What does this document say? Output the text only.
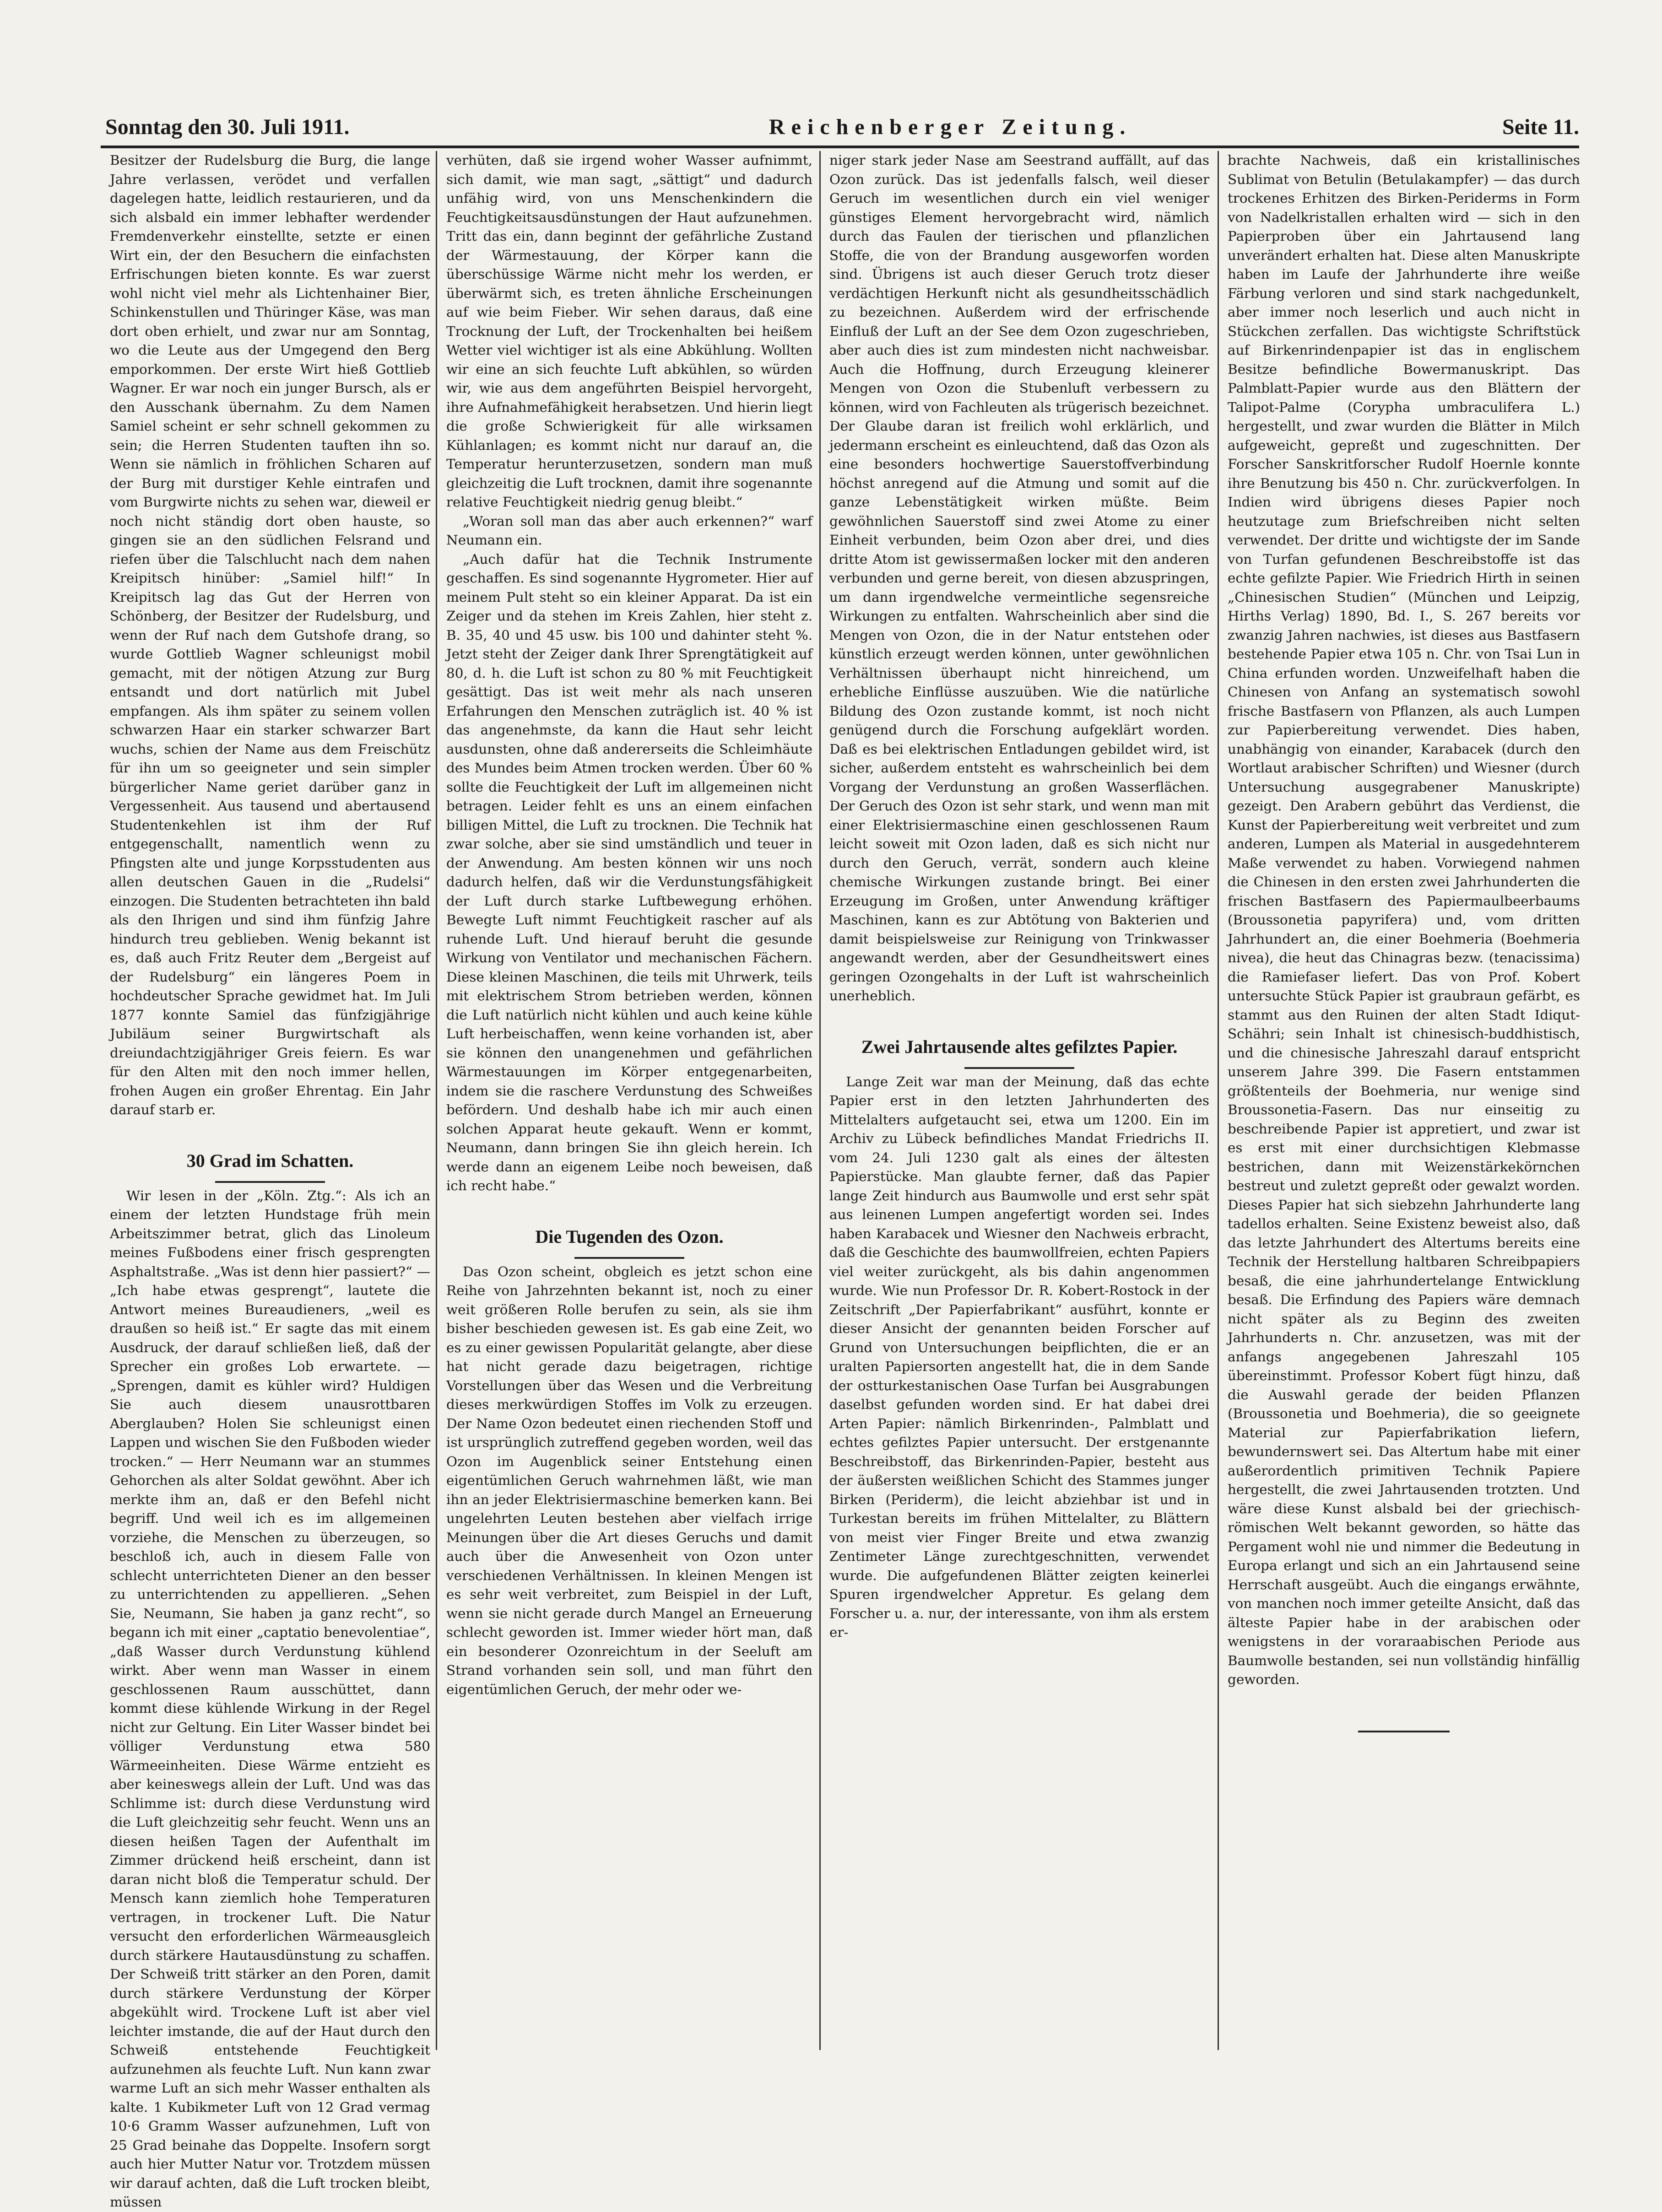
Sonntag den 30. Juli 1911.	Reichenberger Zeitung.	Seite 11.

Besitzer der Rudelsburg die Burg, die lange Jahre verlassen, verödet und verfallen dagelegen hatte, leidlich restaurieren, und da sich alsbald ein immer lebhafter werdender Fremdenverkehr einstellte, setzte er einen Wirt ein, der den Besuchern die einfachsten Erfrischungen bieten konnte. Es war zuerst wohl nicht viel mehr als Lichtenhainer Bier, Schinkenstullen und Thüringer Käse, was man dort oben erhielt, und zwar nur am Sonntag, wo die Leute aus der Umgegend den Berg emporkommen. Der erste Wirt hieß Gottlieb Wagner. Er war noch ein junger Bursch, als er den Ausschank übernahm. Zu dem Namen Samiel scheint er sehr schnell gekommen zu sein; die Herren Studenten tauften ihn so. Wenn sie nämlich in fröhlichen Scharen auf der Burg mit durstiger Kehle eintrafen und vom Burgwirte nichts zu sehen war, dieweil er noch nicht ständig dort oben hauste, so gingen sie an den südlichen Felsrand und riefen über die Talschlucht nach dem nahen Kreipitsch hinüber: „Samiel hilf!“ In Kreipitsch lag das Gut der Herren von Schönberg, der Besitzer der Rudelsburg, und wenn der Ruf nach dem Gutshofe drang, so wurde Gottlieb Wagner schleunigst mobil gemacht, mit der nötigen Atzung zur Burg entsandt und dort natürlich mit Jubel empfangen. Als ihm später zu seinem vollen schwarzen Haar ein starker schwarzer Bart wuchs, schien der Name aus dem Freischütz für ihn um so geeigneter und sein simpler bürgerlicher Name geriet darüber ganz in Vergessenheit. Aus tausend und abertausend Studentenkehlen ist ihm der Ruf entgegenschallt, namentlich wenn zu Pfingsten alte und junge Korpsstudenten aus allen deutschen Gauen in die „Rudelsi“ einzogen. Die Studenten betrachteten ihn bald als den Ihrigen und sind ihm fünfzig Jahre hindurch treu geblieben. Wenig bekannt ist es, daß auch Fritz Reuter dem „Bergeist auf der Rudelsburg“ ein längeres Poem in hochdeutscher Sprache gewidmet hat. Im Juli 1877 konnte Samiel das fünfzigjährige Jubiläum seiner Burgwirtschaft als dreiundachtzigjähriger Greis feiern. Es war für den Alten mit den noch immer hellen, frohen Augen ein großer Ehrentag. Ein Jahr darauf starb er.

30 Grad im Schatten.

Wir lesen in der „Köln. Ztg.“: Als ich an einem der letzten Hundstage früh mein Arbeitszimmer betrat, glich das Linoleum meines Fußbodens einer frisch gesprengten Asphaltstraße. „Was ist denn hier passiert?“ — „Ich habe etwas gesprengt“, lautete die Antwort meines Bureaudieners, „weil es draußen so heiß ist.“ Er sagte das mit einem Ausdruck, der darauf schließen ließ, daß der Sprecher ein großes Lob erwartete. — „Sprengen, damit es kühler wird? Huldigen Sie auch diesem unausrottbaren Aberglauben? Holen Sie schleunigst einen Lappen und wischen Sie den Fußboden wieder trocken.“ — Herr Neumann war an stummes Gehorchen als alter Soldat gewöhnt. Aber ich merkte ihm an, daß er den Befehl nicht begriff. Und weil ich es im allgemeinen vorziehe, die Menschen zu überzeugen, so beschloß ich, auch in diesem Falle von schlecht unterrichteten Diener an den besser zu unterrichtenden zu appellieren. „Sehen Sie, Neumann, Sie haben ja ganz recht“, so begann ich mit einer „captatio benevolentiae“, „daß Wasser durch Verdunstung kühlend wirkt. Aber wenn man Wasser in einem geschlossenen Raum ausschüttet, dann kommt diese kühlende Wirkung in der Regel nicht zur Geltung. Ein Liter Wasser bindet bei völliger Verdunstung etwa 580 Wärmeeinheiten. Diese Wärme entzieht es aber keineswegs allein der Luft. Und was das Schlimme ist: durch diese Verdunstung wird die Luft gleichzeitig sehr feucht. Wenn uns an diesen heißen Tagen der Aufenthalt im Zimmer drückend heiß erscheint, dann ist daran nicht bloß die Temperatur schuld. Der Mensch kann ziemlich hohe Temperaturen vertragen, in trockener Luft. Die Natur versucht den erforderlichen Wärmeausgleich durch stärkere Hautausdünstung zu schaffen. Der Schweiß tritt stärker an den Poren, damit durch stärkere Verdunstung der Körper abgekühlt wird. Trockene Luft ist aber viel leichter imstande, die auf der Haut durch den Schweiß entstehende Feuchtigkeit aufzunehmen als feuchte Luft. Nun kann zwar warme Luft an sich mehr Wasser enthalten als kalte. 1 Kubikmeter Luft von 12 Grad vermag 10·6 Gramm Wasser aufzunehmen, Luft von 25 Grad beinahe das Doppelte. Insofern sorgt auch hier Mutter Natur vor. Trotzdem müssen wir darauf achten, daß die Luft trocken bleibt, müssen

verhüten, daß sie irgend woher Wasser aufnimmt, sich damit, wie man sagt, „sättigt“ und dadurch unfähig wird, von uns Menschenkindern die Feuchtigkeitsausdünstungen der Haut aufzunehmen. Tritt das ein, dann beginnt der gefährliche Zustand der Wärmestauung, der Körper kann die überschüssige Wärme nicht mehr los werden, er überwärmt sich, es treten ähnliche Erscheinungen auf wie beim Fieber. Wir sehen daraus, daß eine Trocknung der Luft, der Trockenhalten bei heißem Wetter viel wichtiger ist als eine Abkühlung. Wollten wir eine an sich feuchte Luft abkühlen, so würden wir, wie aus dem angeführten Beispiel hervorgeht, ihre Aufnahmefähigkeit herabsetzen. Und hierin liegt die große Schwierigkeit für alle wirksamen Kühlanlagen; es kommt nicht nur darauf an, die Temperatur herunterzusetzen, sondern man muß gleichzeitig die Luft trocknen, damit ihre sogenannte relative Feuchtigkeit niedrig genug bleibt.“

„Woran soll man das aber auch erkennen?“ warf Neumann ein.

„Auch dafür hat die Technik Instrumente geschaffen. Es sind sogenannte Hygrometer. Hier auf meinem Pult steht so ein kleiner Apparat. Da ist ein Zeiger und da stehen im Kreis Zahlen, hier steht z. B. 35, 40 und 45 usw. bis 100 und dahinter steht %. Jetzt steht der Zeiger dank Ihrer Sprengtätigkeit auf 80, d. h. die Luft ist schon zu 80 % mit Feuchtigkeit gesättigt. Das ist weit mehr als nach unseren Erfahrungen den Menschen zuträglich ist. 40 % ist das angenehmste, da kann die Haut sehr leicht ausdunsten, ohne daß andererseits die Schleimhäute des Mundes beim Atmen trocken werden. Über 60 % sollte die Feuchtigkeit der Luft im allgemeinen nicht betragen. Leider fehlt es uns an einem einfachen billigen Mittel, die Luft zu trocknen. Die Technik hat zwar solche, aber sie sind umständlich und teuer in der Anwendung. Am besten können wir uns noch dadurch helfen, daß wir die Verdunstungsfähigkeit der Luft durch starke Luftbewegung erhöhen. Bewegte Luft nimmt Feuchtigkeit rascher auf als ruhende Luft. Und hierauf beruht die gesunde Wirkung von Ventilator und mechanischen Fächern. Diese kleinen Maschinen, die teils mit Uhrwerk, teils mit elektrischem Strom betrieben werden, können die Luft natürlich nicht kühlen und auch keine kühle Luft herbeischaffen, wenn keine vorhanden ist, aber sie können den unangenehmen und gefährlichen Wärmestauungen im Körper entgegenarbeiten, indem sie die raschere Verdunstung des Schweißes befördern. Und deshalb habe ich mir auch einen solchen Apparat heute gekauft. Wenn er kommt, Neumann, dann bringen Sie ihn gleich herein. Ich werde dann an eigenem Leibe noch beweisen, daß ich recht habe.“

Die Tugenden des Ozon.

Das Ozon scheint, obgleich es jetzt schon eine Reihe von Jahrzehnten bekannt ist, noch zu einer weit größeren Rolle berufen zu sein, als sie ihm bisher beschieden gewesen ist. Es gab eine Zeit, wo es zu einer gewissen Popularität gelangte, aber diese hat nicht gerade dazu beigetragen, richtige Vorstellungen über das Wesen und die Verbreitung dieses merkwürdigen Stoffes im Volk zu erzeugen. Der Name Ozon bedeutet einen riechenden Stoff und ist ursprünglich zutreffend gegeben worden, weil das Ozon im Augenblick seiner Entstehung einen eigentümlichen Geruch wahrnehmen läßt, wie man ihn an jeder Elektrisiermaschine bemerken kann. Bei ungelehrten Leuten bestehen aber vielfach irrige Meinungen über die Art dieses Geruchs und damit auch über die Anwesenheit von Ozon unter verschiedenen Verhältnissen. In kleinen Mengen ist es sehr weit verbreitet, zum Beispiel in der Luft, wenn sie nicht gerade durch Mangel an Erneuerung schlecht geworden ist. Immer wieder hört man, daß ein besonderer Ozonreichtum in der Seeluft am Strand vorhanden sein soll, und man führt den eigentümlichen Geruch, der mehr oder we-

niger stark jeder Nase am Seestrand auffällt, auf das Ozon zurück. Das ist jedenfalls falsch, weil dieser Geruch im wesentlichen durch ein viel weniger günstiges Element hervorgebracht wird, nämlich durch das Faulen der tierischen und pflanzlichen Stoffe, die von der Brandung ausgeworfen worden sind. Übrigens ist auch dieser Geruch trotz dieser verdächtigen Herkunft nicht als gesundheitsschädlich zu bezeichnen. Außerdem wird der erfrischende Einfluß der Luft an der See dem Ozon zugeschrieben, aber auch dies ist zum mindesten nicht nachweisbar. Auch die Hoffnung, durch Erzeugung kleinerer Mengen von Ozon die Stubenluft verbessern zu können, wird von Fachleuten als trügerisch bezeichnet. Der Glaube daran ist freilich wohl erklärlich, und jedermann erscheint es einleuchtend, daß das Ozon als eine besonders hochwertige Sauerstoffverbindung höchst anregend auf die Atmung und somit auf die ganze Lebenstätigkeit wirken müßte. Beim gewöhnlichen Sauerstoff sind zwei Atome zu einer Einheit verbunden, beim Ozon aber drei, und dies dritte Atom ist gewissermaßen locker mit den anderen verbunden und gerne bereit, von diesen abzuspringen, um dann irgendwelche vermeintliche segensreiche Wirkungen zu entfalten. Wahrscheinlich aber sind die Mengen von Ozon, die in der Natur entstehen oder künstlich erzeugt werden können, unter gewöhnlichen Verhältnissen überhaupt nicht hinreichend, um erhebliche Einflüsse auszuüben. Wie die natürliche Bildung des Ozon zustande kommt, ist noch nicht genügend durch die Forschung aufgeklärt worden. Daß es bei elektrischen Entladungen gebildet wird, ist sicher, außerdem entsteht es wahrscheinlich bei dem Vorgang der Verdunstung an großen Wasserflächen. Der Geruch des Ozon ist sehr stark, und wenn man mit einer Elektrisiermaschine einen geschlossenen Raum leicht soweit mit Ozon laden, daß es sich nicht nur durch den Geruch, verrät, sondern auch kleine chemische Wirkungen zustande bringt. Bei einer Erzeugung im Großen, unter Anwendung kräftiger Maschinen, kann es zur Abtötung von Bakterien und damit beispielsweise zur Reinigung von Trinkwasser angewandt werden, aber der Gesundheitswert eines geringen Ozongehalts in der Luft ist wahrscheinlich unerheblich.

Zwei Jahrtausende altes gefilztes Papier.

Lange Zeit war man der Meinung, daß das echte Papier erst in den letzten Jahrhunderten des Mittelalters aufgetaucht sei, etwa um 1200. Ein im Archiv zu Lübeck befindliches Mandat Friedrichs II. vom 24. Juli 1230 galt als eines der ältesten Papierstücke. Man glaubte ferner, daß das Papier lange Zeit hindurch aus Baumwolle und erst sehr spät aus leinenen Lumpen angefertigt worden sei. Indes haben Karabacek und Wiesner den Nachweis erbracht, daß die Geschichte des baumwollfreien, echten Papiers viel weiter zurückgeht, als bis dahin angenommen wurde. Wie nun Professor Dr. R. Kobert-Rostock in der Zeitschrift „Der Papierfabrikant“ ausführt, konnte er dieser Ansicht der genannten beiden Forscher auf Grund von Untersuchungen beipflichten, die er an uralten Papiersorten angestellt hat, die in dem Sande der ostturkestanischen Oase Turfan bei Ausgrabungen daselbst gefunden worden sind. Er hat dabei drei Arten Papier: nämlich Birkenrinden-, Palmblatt und echtes gefilztes Papier untersucht. Der erstgenannte Beschreibstoff, das Birkenrinden-Papier, besteht aus der äußersten weißlichen Schicht des Stammes junger Birken (Periderm), die leicht abziehbar ist und in Turkestan bereits im frühen Mittelalter, zu Blättern von meist vier Finger Breite und etwa zwanzig Zentimeter Länge zurechtgeschnitten, verwendet wurde. Die aufgefundenen Blätter zeigten keinerlei Spuren irgendwelcher Appretur. Es gelang dem Forscher u. a. nur, der interessante, von ihm als erstem er-

brachte Nachweis, daß ein kristallinisches Sublimat von Betulin (Betulakampfer) — das durch trockenes Erhitzen des Birken-Periderms in Form von Nadelkristallen erhalten wird — sich in den Papierproben über ein Jahrtausend lang unverändert erhalten hat. Diese alten Manuskripte haben im Laufe der Jahrhunderte ihre weiße Färbung verloren und sind stark nachgedunkelt, aber immer noch leserlich und auch nicht in Stückchen zerfallen. Das wichtigste Schriftstück auf Birkenrindenpapier ist das in englischem Besitze befindliche Bowermanuskript. Das Palmblatt-Papier wurde aus den Blättern der Talipot-Palme (Corypha umbraculifera L.) hergestellt, und zwar wurden die Blätter in Milch aufgeweicht, gepreßt und zugeschnitten. Der Forscher Sanskritforscher Rudolf Hoernle konnte ihre Benutzung bis 450 n. Chr. zurückverfolgen. In Indien wird übrigens dieses Papier noch heutzutage zum Briefschreiben nicht selten verwendet. Der dritte und wichtigste der im Sande von Turfan gefundenen Beschreibstoffe ist das echte gefilzte Papier. Wie Friedrich Hirth in seinen „Chinesischen Studien“ (München und Leipzig, Hirths Verlag) 1890, Bd. I., S. 267 bereits vor zwanzig Jahren nachwies, ist dieses aus Bastfasern bestehende Papier etwa 105 n. Chr. von Tsai Lun in China erfunden worden. Unzweifelhaft haben die Chinesen von Anfang an systematisch sowohl frische Bastfasern von Pflanzen, als auch Lumpen zur Papierbereitung verwendet. Dies haben, unabhängig von einander, Karabacek (durch den Wortlaut arabischer Schriften) und Wiesner (durch Untersuchung ausgegrabener Manuskripte) gezeigt. Den Arabern gebührt das Verdienst, die Kunst der Papierbereitung weit verbreitet und zum anderen, Lumpen als Material in ausgedehnterem Maße verwendet zu haben. Vorwiegend nahmen die Chinesen in den ersten zwei Jahrhunderten die frischen Bastfasern des Papiermaulbeerbaums (Broussonetia papyrifera) und, vom dritten Jahrhundert an, die einer Boehmeria (Boehmeria nivea), die heut das Chinagras bezw. (tenacissima) die Ramiefaser liefert. Das von Prof. Kobert untersuchte Stück Papier ist graubraun gefärbt, es stammt aus den Ruinen der alten Stadt Idiqut-Schähri; sein Inhalt ist chinesisch-buddhistisch, und die chinesische Jahreszahl darauf entspricht unserem Jahre 399. Die Fasern entstammen größtenteils der Boehmeria, nur wenige sind Broussonetia-Fasern. Das nur einseitig zu beschreibende Papier ist appretiert, und zwar ist es erst mit einer durchsichtigen Klebmasse bestrichen, dann mit Weizenstärkekörnchen bestreut und zuletzt gepreßt oder gewalzt worden. Dieses Papier hat sich siebzehn Jahrhunderte lang tadellos erhalten. Seine Existenz beweist also, daß das letzte Jahrhundert des Altertums bereits eine Technik der Herstellung haltbaren Schreibpapiers besaß, die eine jahrhundertelange Entwicklung besaß. Die Erfindung des Papiers wäre demnach nicht später als zu Beginn des zweiten Jahrhunderts n. Chr. anzusetzen, was mit der anfangs angegebenen Jahreszahl 105 übereinstimmt. Professor Kobert fügt hinzu, daß die Auswahl gerade der beiden Pflanzen (Broussonetia und Boehmeria), die so geeignete Material zur Papierfabrikation liefern, bewundernswert sei. Das Altertum habe mit einer außerordentlich primitiven Technik Papiere hergestellt, die zwei Jahrtausenden trotzten. Und wäre diese Kunst alsbald bei der griechisch-römischen Welt bekannt geworden, so hätte das Pergament wohl nie und nimmer die Bedeutung in Europa erlangt und sich an ein Jahrtausend seine Herrschaft ausgeübt. Auch die eingangs erwähnte, von manchen noch immer geteilte Ansicht, daß das älteste Papier habe in der arabischen oder wenigstens in der voraraabischen Periode aus Baumwolle bestanden, sei nun vollständig hinfällig geworden.
